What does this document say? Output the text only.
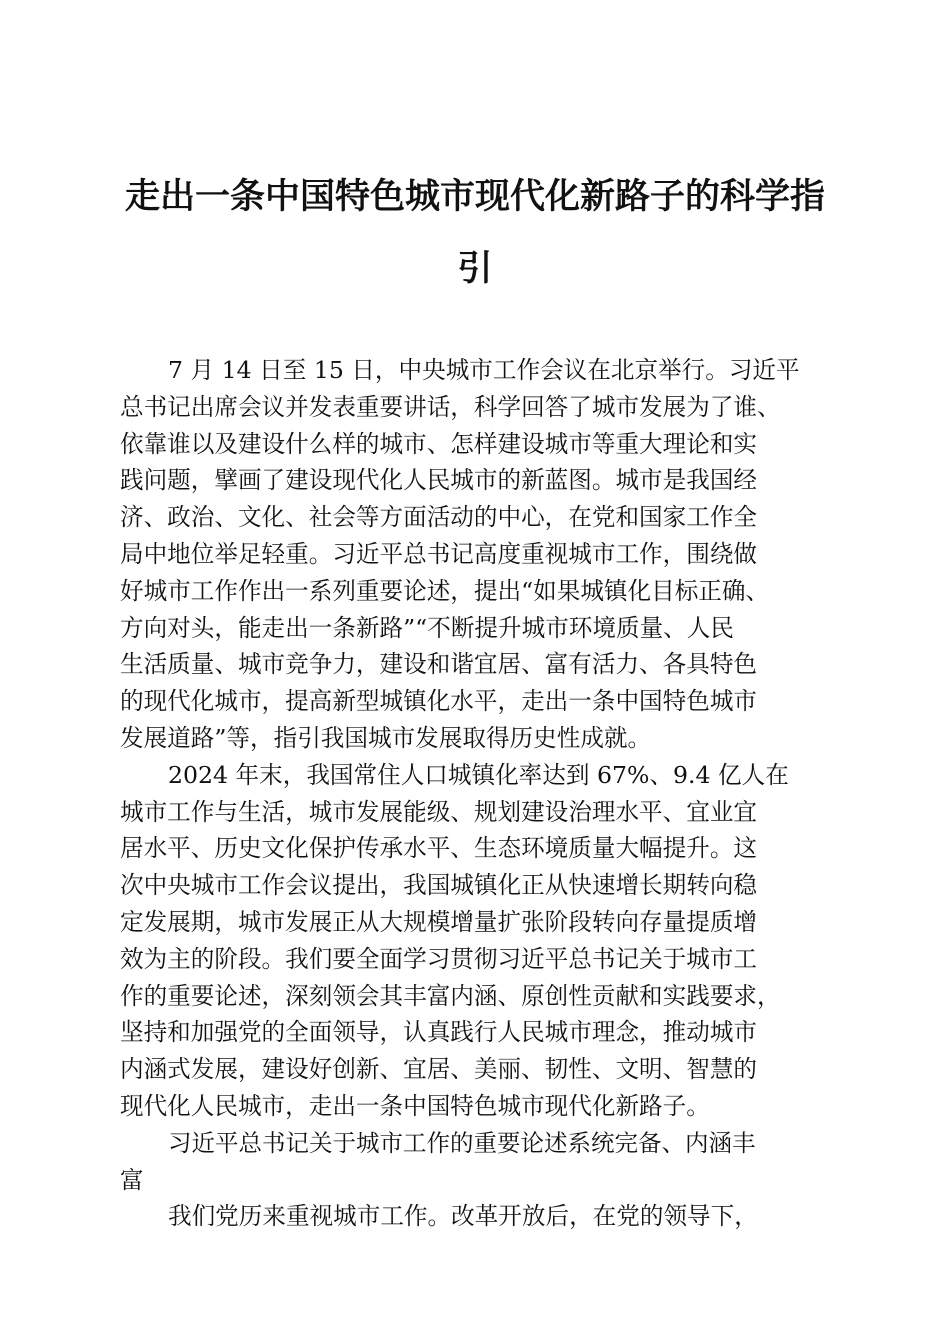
走出一条中国特色城市现代化新路子的科学指
引
7 月 14 日至 15 日，中央城市工作会议在北京举行。习近平
总书记出席会议并发表重要讲话，科学回答了城市发展为了谁、
依靠谁以及建设什么样的城市、怎样建设城市等重大理论和实
践问题，擘画了建设现代化人民城市的新蓝图。城市是我国经
济、政治、文化、社会等方面活动的中心，在党和国家工作全
局中地位举足轻重。习近平总书记高度重视城市工作，围绕做
好城市工作作出一系列重要论述，提出“如果城镇化目标正确、
方向对头，能走出一条新路”“不断提升城市环境质量、人民
生活质量、城市竞争力，建设和谐宜居、富有活力、各具特色
的现代化城市，提高新型城镇化水平，走出一条中国特色城市
发展道路”等，指引我国城市发展取得历史性成就。
2024 年末，我国常住人口城镇化率达到 67%、9.4 亿人在
城市工作与生活，城市发展能级、规划建设治理水平、宜业宜
居水平、历史文化保护传承水平、生态环境质量大幅提升。这
次中央城市工作会议提出，我国城镇化正从快速增长期转向稳
定发展期，城市发展正从大规模增量扩张阶段转向存量提质增
效为主的阶段。我们要全面学习贯彻习近平总书记关于城市工
作的重要论述，深刻领会其丰富内涵、原创性贡献和实践要求，
坚持和加强党的全面领导，认真践行人民城市理念，推动城市
内涵式发展，建设好创新、宜居、美丽、韧性、文明、智慧的
现代化人民城市，走出一条中国特色城市现代化新路子。
习近平总书记关于城市工作的重要论述系统完备、内涵丰
富
我们党历来重视城市工作。改革开放后，在党的领导下，
